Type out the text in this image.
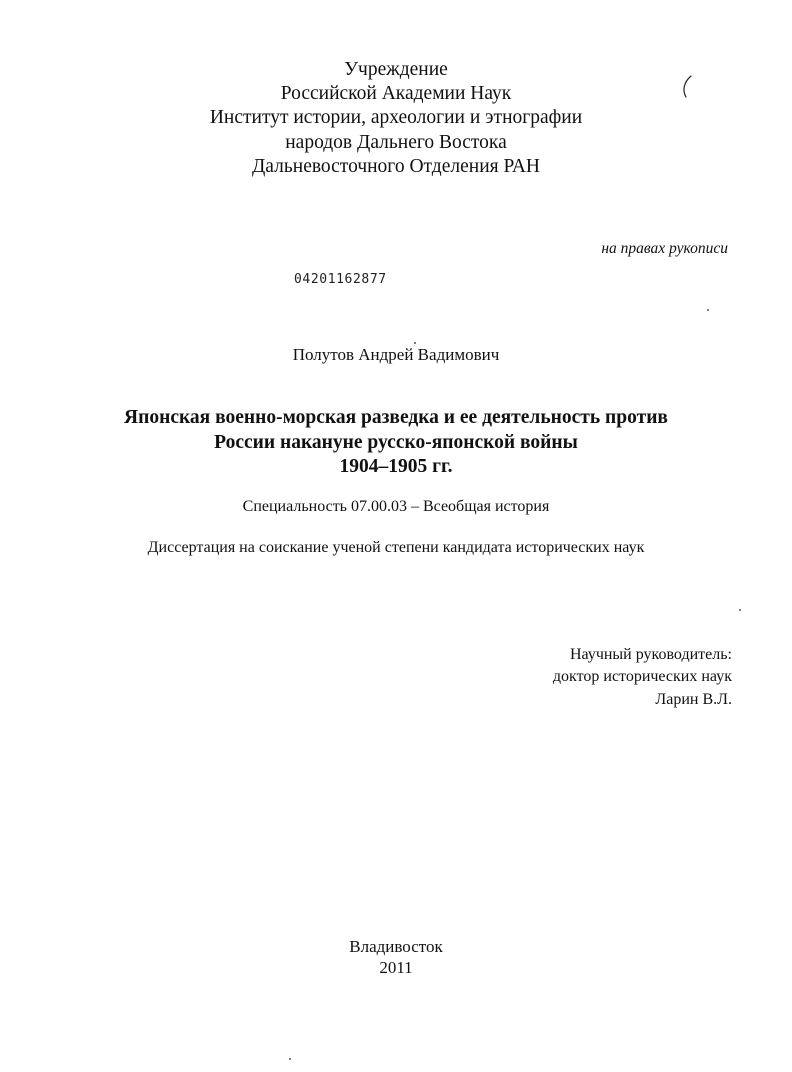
Учреждение
Российской Академии Наук
Институт истории, археологии и этнографии
народов Дальнего Востока
Дальневосточного Отделения РАН
на правах рукописи
04201162877
Полутов Андрей Вадимович
Японская военно-морская разведка и ее деятельность против
России накануне русско-японской войны
1904–1905 гг.
Специальность 07.00.03 – Всеобщая история
Диссертация на соискание ученой степени кандидата исторических наук
Научный руководитель:
доктор исторических наук
Ларин В.Л.
Владивосток
2011
